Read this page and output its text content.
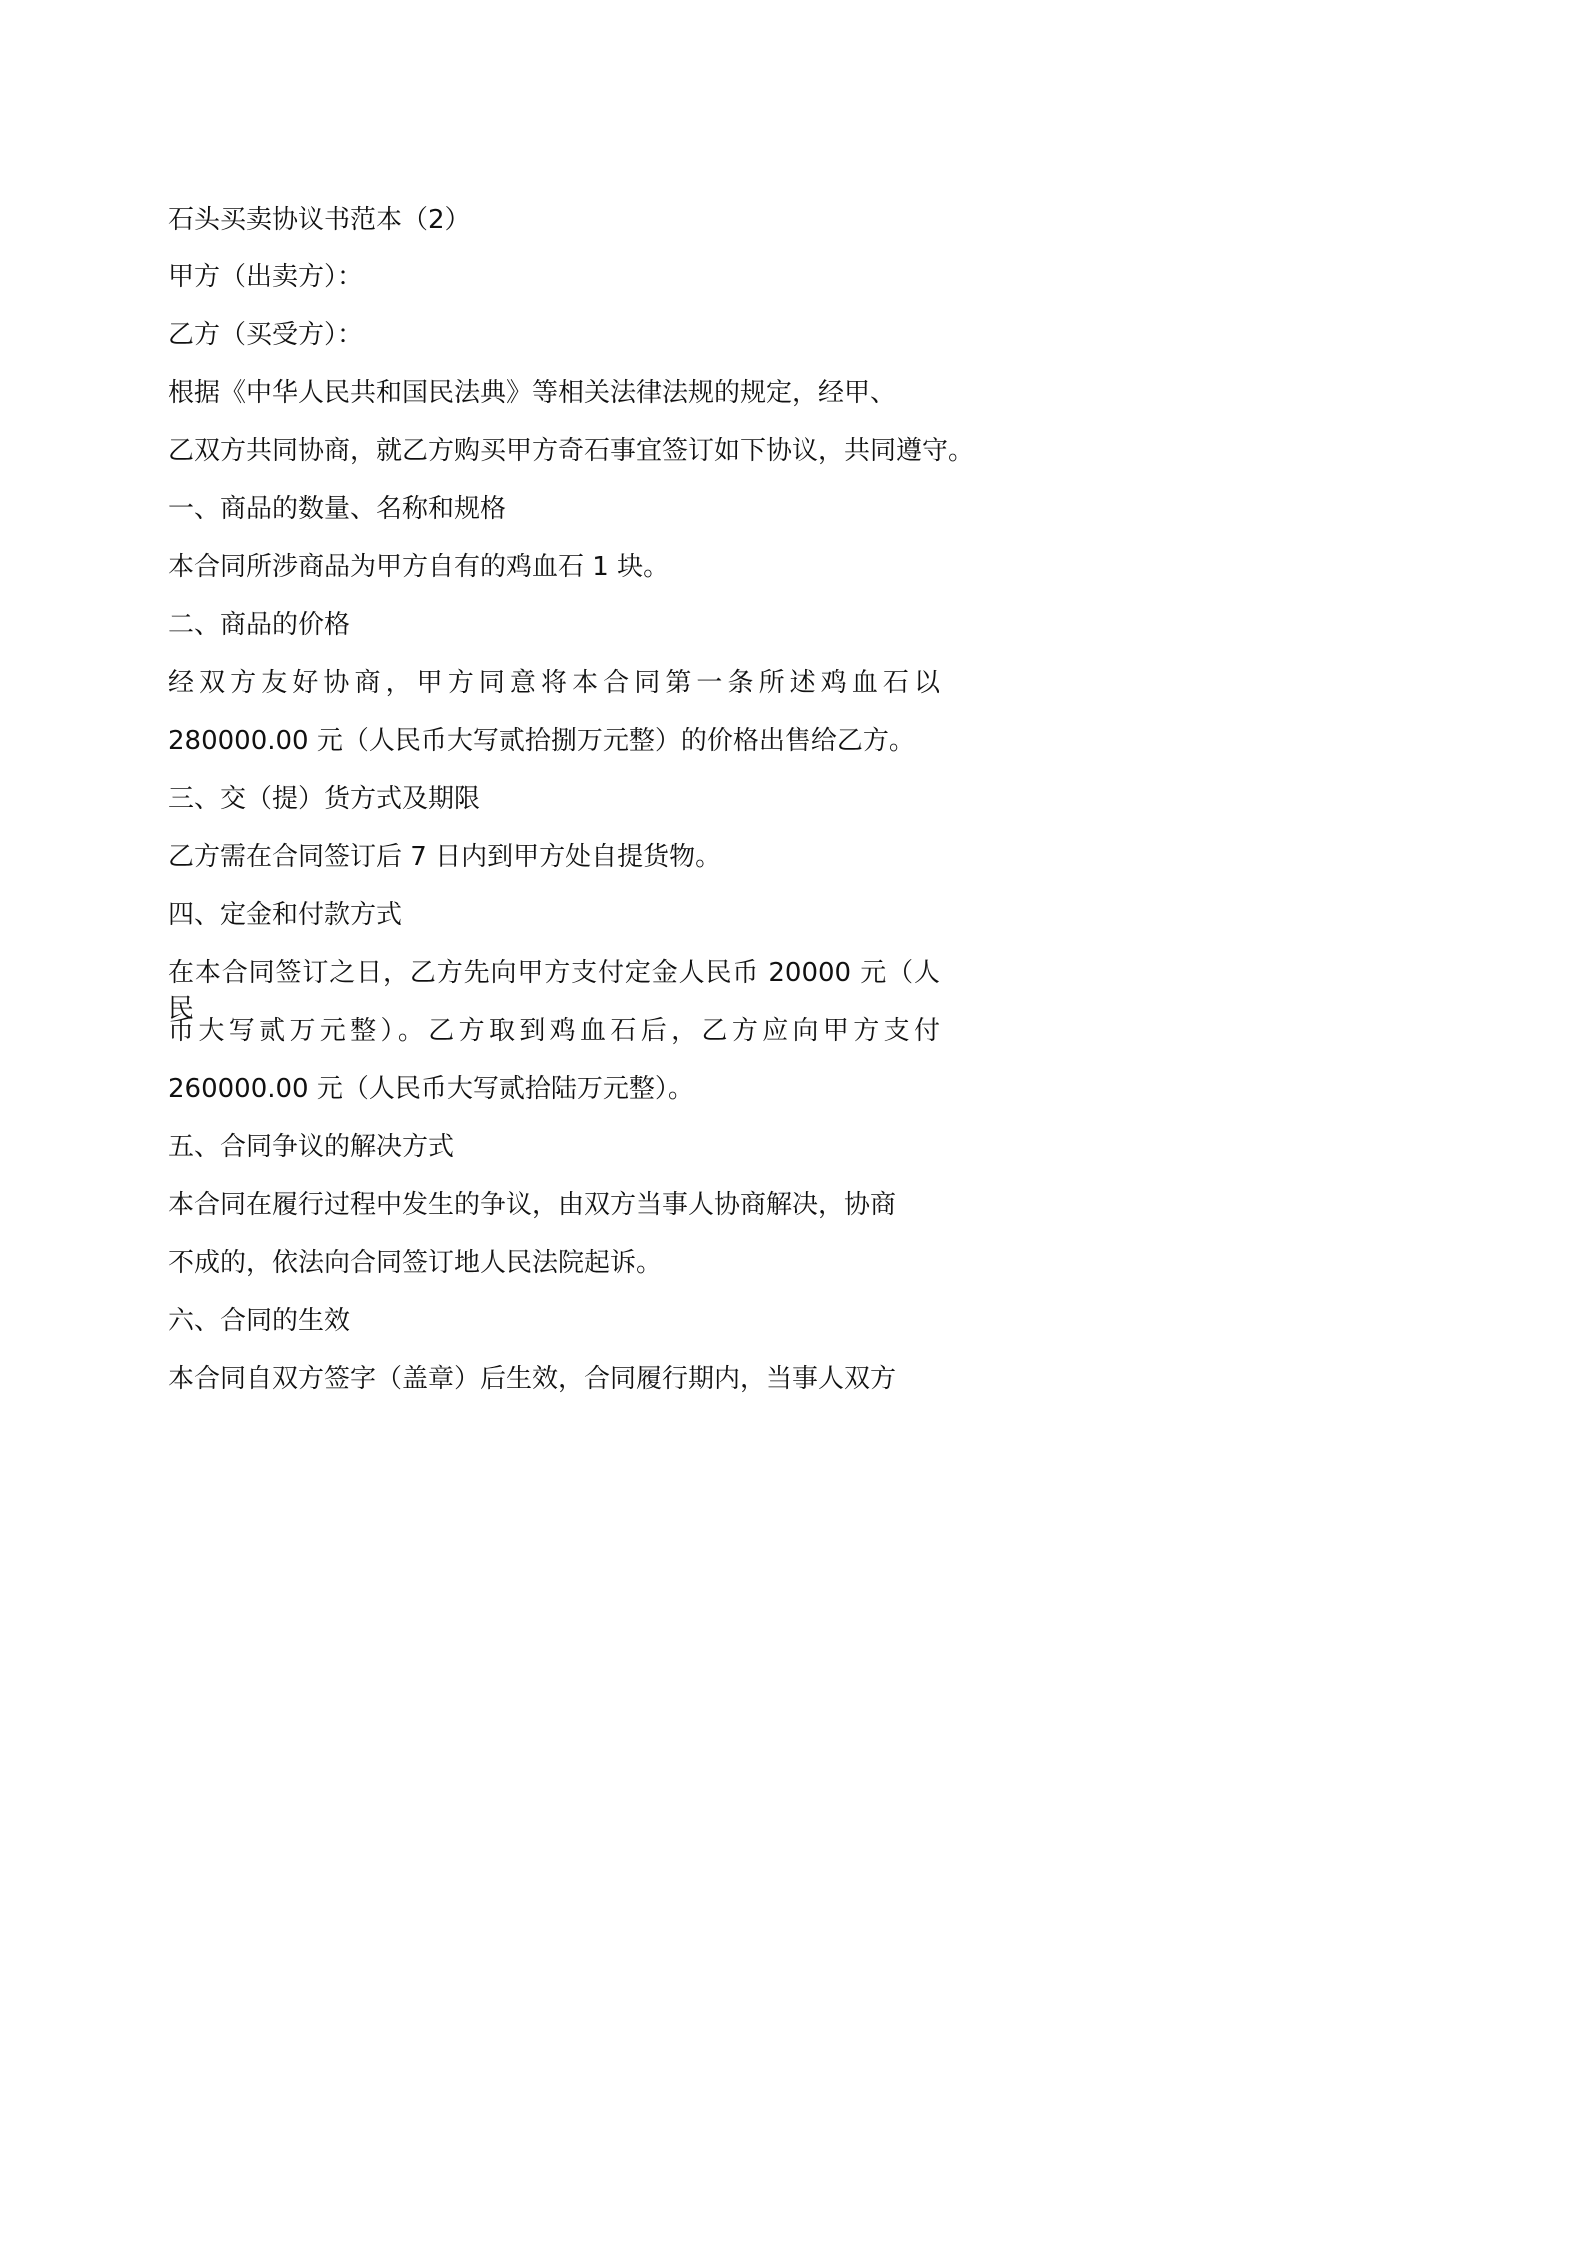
石头买卖协议书范本（2）

甲方（出卖方）：

乙方（买受方）：

根据《中华人民共和国民法典》等相关法律法规的规定，经甲、

乙双方共同协商，就乙方购买甲方奇石事宜签订如下协议，共同遵守。

一、商品的数量、名称和规格

本合同所涉商品为甲方自有的鸡血石 1 块。

二、商品的价格

经双方友好协商，甲方同意将本合同第一条所述鸡血石以

280000.00 元（人民币大写贰拾捌万元整）的价格出售给乙方。

三、交（提）货方式及期限

乙方需在合同签订后 7 日内到甲方处自提货物。

四、定金和付款方式

在本合同签订之日，乙方先向甲方支付定金人民币 20000 元（人 民

币大写贰万元整）。乙方取到鸡血石后，乙方应向甲方支付

260000.00 元（人民币大写贰拾陆万元整）。

五、合同争议的解决方式

本合同在履行过程中发生的争议，由双方当事人协商解决，协商

不成的，依法向合同签订地人民法院起诉。

六、合同的生效

本合同自双方签字（盖章）后生效，合同履行期内，当事人双方
